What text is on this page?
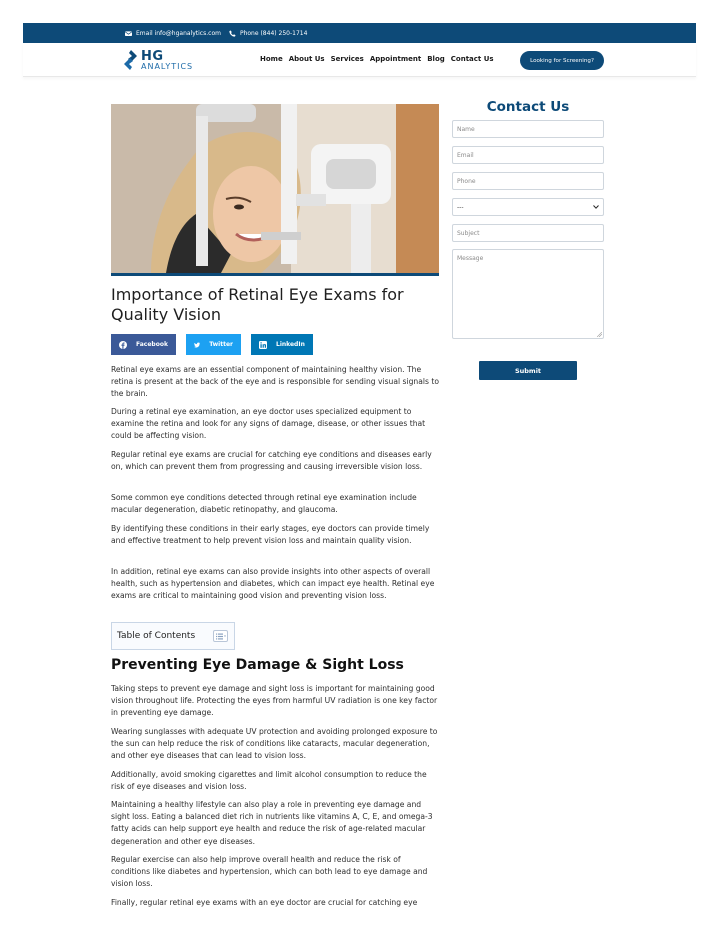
Email info@hganalytics.com	Phone (844) 250-1714
HG
ANALYTICS
Home About Us Services Appointment Blog Contact Us	Looking for Screening?
Importance of Retinal Eye Exams for Quality Vision
Facebook	Twitter	LinkedIn

Retinal eye exams are an essential component of maintaining healthy vision. The retina is present at the back of the eye and is responsible for sending visual signals to the brain.

During a retinal eye examination, an eye doctor uses specialized equipment to examine the retina and look for any signs of damage, disease, or other issues that could be affecting vision.

Regular retinal eye exams are crucial for catching eye conditions and diseases early on, which can prevent them from progressing and causing irreversible vision loss.

Some common eye conditions detected through retinal eye examination include macular degeneration, diabetic retinopathy, and glaucoma.

By identifying these conditions in their early stages, eye doctors can provide timely and effective treatment to help prevent vision loss and maintain quality vision.

In addition, retinal eye exams can also provide insights into other aspects of overall health, such as hypertension and diabetes, which can impact eye health. Retinal eye exams are critical to maintaining good vision and preventing vision loss.

Table of Contents
Preventing Eye Damage & Sight Loss

Taking steps to prevent eye damage and sight loss is important for maintaining good vision throughout life. Protecting the eyes from harmful UV radiation is one key factor in preventing eye damage.

Wearing sunglasses with adequate UV protection and avoiding prolonged exposure to the sun can help reduce the risk of conditions like cataracts, macular degeneration, and other eye diseases that can lead to vision loss.

Additionally, avoid smoking cigarettes and limit alcohol consumption to reduce the risk of eye diseases and vision loss.

Maintaining a healthy lifestyle can also play a role in preventing eye damage and sight loss. Eating a balanced diet rich in nutrients like vitamins A, C, E, and omega-3 fatty acids can help support eye health and reduce the risk of age-related macular degeneration and other eye diseases.

Regular exercise can also help improve overall health and reduce the risk of conditions like diabetes and hypertension, which can both lead to eye damage and vision loss.

Finally, regular retinal eye exams with an eye doctor are crucial for catching eye

Contact Us
Name
Email
Phone
---
Subject
Message
Submit
